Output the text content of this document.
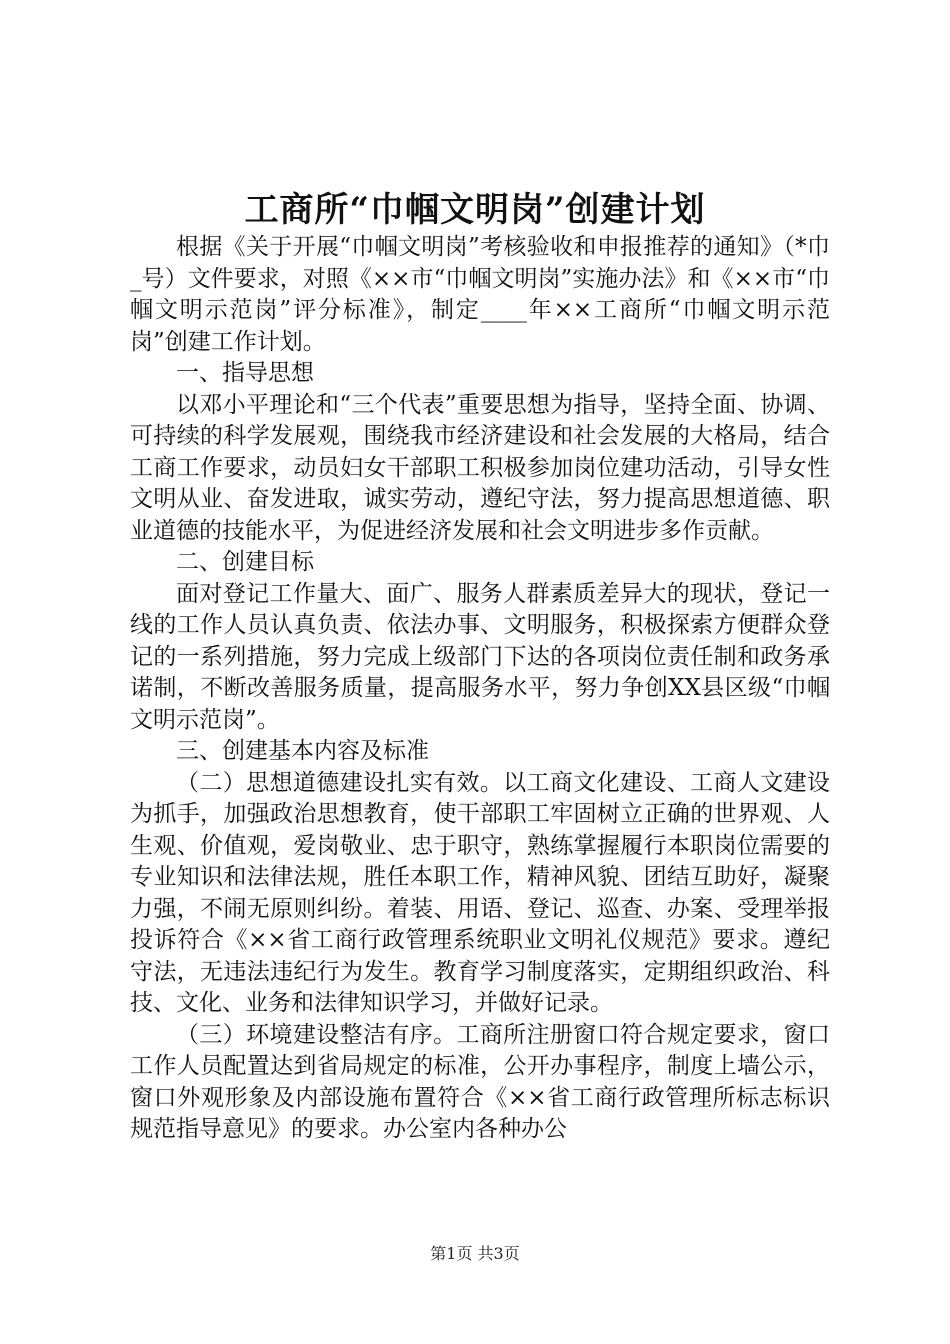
工商所“巾帼文明岗”创建计划

根据《关于开展“巾帼文明岗”考核验收和申报推荐的通知》（*巾_号）文件要求，对照《××市“巾帼文明岗”实施办法》和《××市“巾帼文明示范岗”评分标准》，制定____年××工商所“巾帼文明示范岗”创建工作计划。

一、指导思想

以邓小平理论和“三个代表”重要思想为指导，坚持全面、协调、可持续的科学发展观，围绕我市经济建设和社会发展的大格局，结合工商工作要求，动员妇女干部职工积极参加岗位建功活动，引导女性文明从业、奋发进取，诚实劳动，遵纪守法，努力提高思想道德、职业道德的技能水平，为促进经济发展和社会文明进步多作贡献。

二、创建目标

面对登记工作量大、面广、服务人群素质差异大的现状，登记一线的工作人员认真负责、依法办事、文明服务，积极探索方便群众登记的一系列措施，努力完成上级部门下达的各项岗位责任制和政务承诺制，不断改善服务质量，提高服务水平，努力争创XX县区级“巾帼文明示范岗”。

三、创建基本内容及标准

（二）思想道德建设扎实有效。以工商文化建设、工商人文建设为抓手，加强政治思想教育，使干部职工牢固树立正确的世界观、人生观、价值观，爱岗敬业、忠于职守，熟练掌握履行本职岗位需要的专业知识和法律法规，胜任本职工作，精神风貌、团结互助好，凝聚力强，不闹无原则纠纷。着装、用语、登记、巡查、办案、受理举报投诉符合《××省工商行政管理系统职业文明礼仪规范》要求。遵纪守法，无违法违纪行为发生。教育学习制度落实，定期组织政治、科技、文化、业务和法律知识学习，并做好记录。

（三）环境建设整洁有序。工商所注册窗口符合规定要求，窗口工作人员配置达到省局规定的标准，公开办事程序，制度上墙公示，窗口外观形象及内部设施布置符合《××省工商行政管理所标志标识规范指导意见》的要求。办公室内各种办公

第1页 共3页
